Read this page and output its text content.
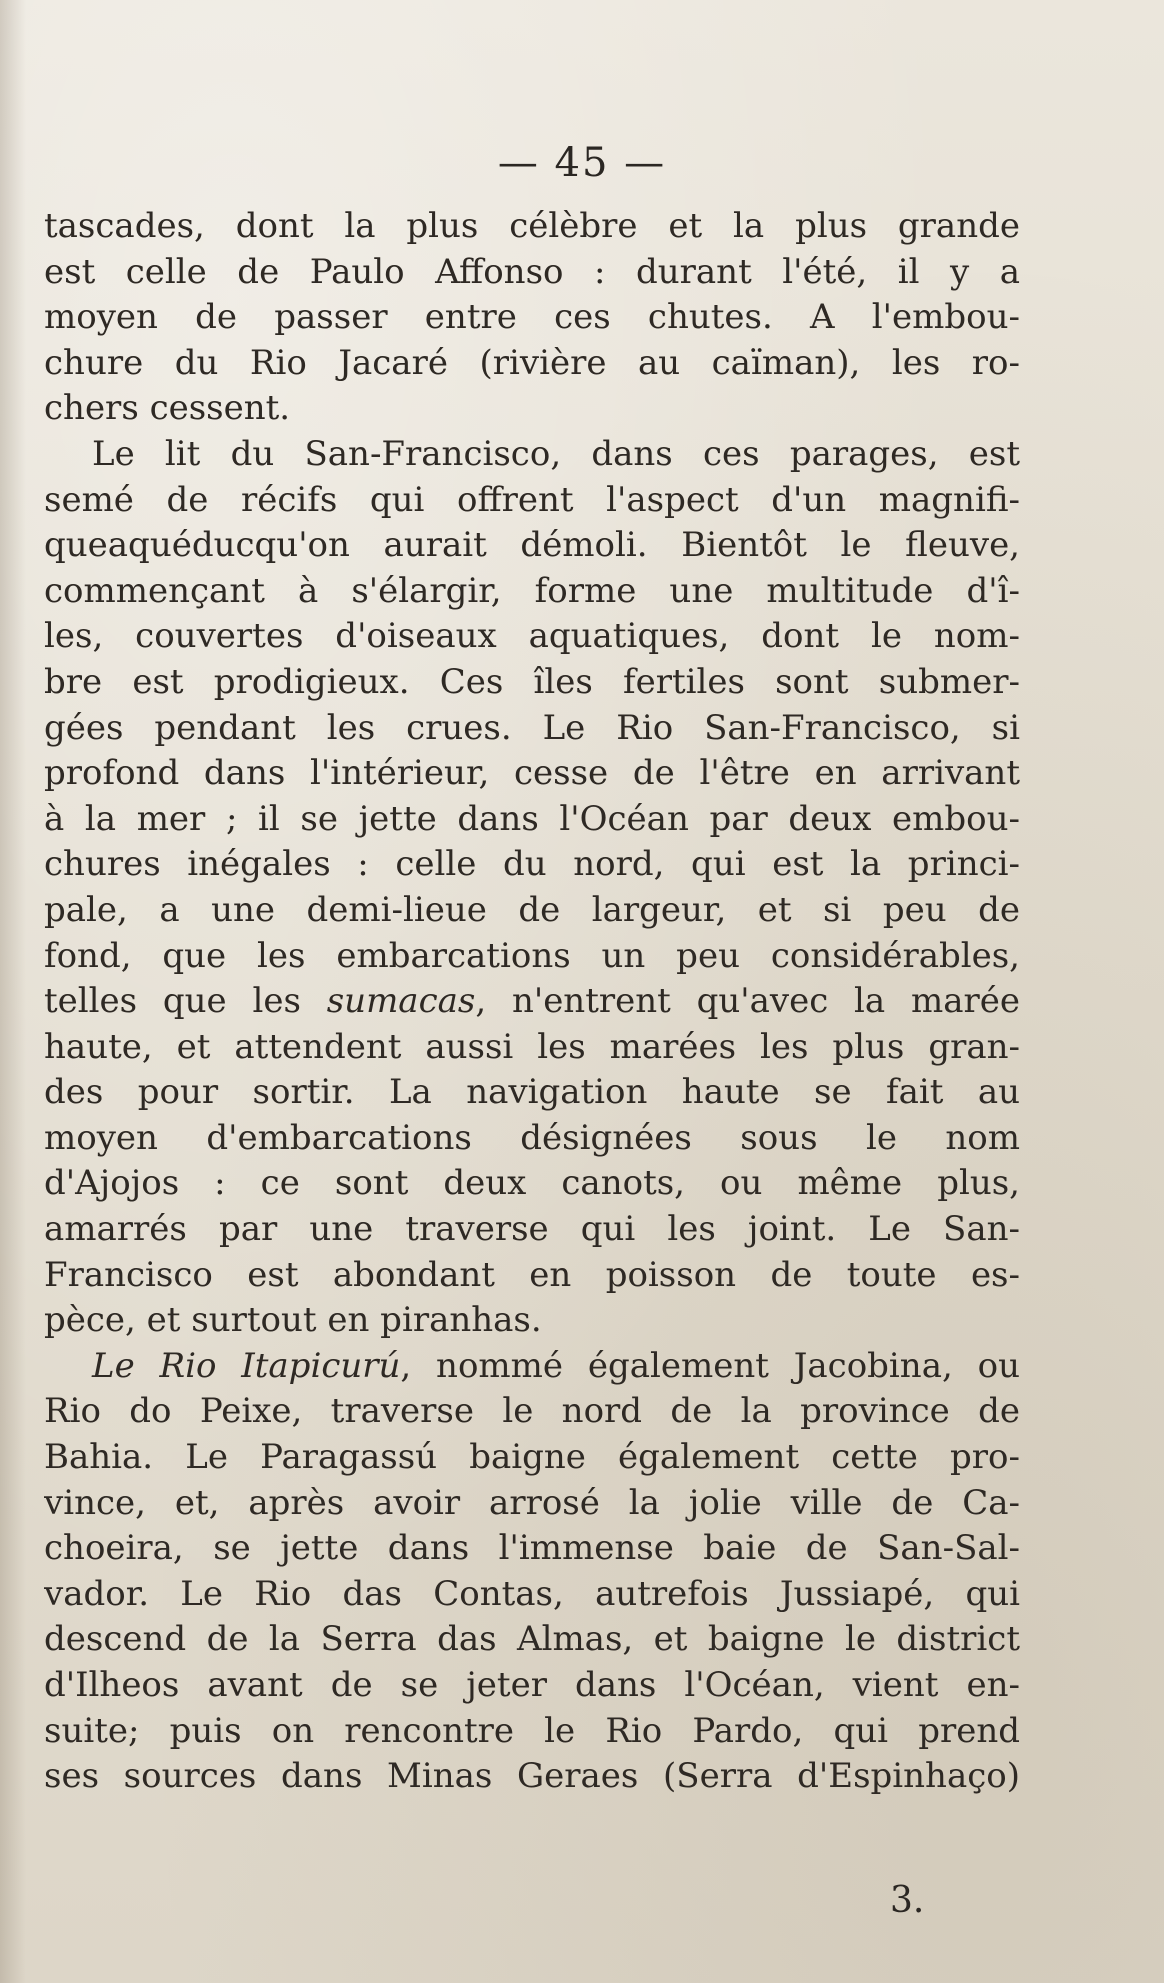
— 45 —
tascades, dont la plus célèbre et la plus grande
est celle de Paulo Affonso : durant l'été, il y a
moyen de passer entre ces chutes. A l'embou-
chure du Rio Jacaré (rivière au caïman), les ro-
chers cessent.
Le lit du San-Francisco, dans ces parages, est
semé de récifs qui offrent l'aspect d'un magnifi-
queaquéducqu'on aurait démoli. Bientôt le fleuve,
commençant à s'élargir, forme une multitude d'î-
les, couvertes d'oiseaux aquatiques, dont le nom-
bre est prodigieux. Ces îles fertiles sont submer-
gées pendant les crues. Le Rio San-Francisco, si
profond dans l'intérieur, cesse de l'être en arrivant
à la mer ; il se jette dans l'Océan par deux embou-
chures inégales : celle du nord, qui est la princi-
pale, a une demi-lieue de largeur, et si peu de
fond, que les embarcations un peu considérables,
telles que les sumacas, n'entrent qu'avec la marée
haute, et attendent aussi les marées les plus gran-
des pour sortir. La navigation haute se fait au
moyen d'embarcations désignées sous le nom
d'Ajojos : ce sont deux canots, ou même plus,
amarrés par une traverse qui les joint. Le San-
Francisco est abondant en poisson de toute es-
pèce, et surtout en piranhas.
Le Rio Itapicurú, nommé également Jacobina, ou
Rio do Peixe, traverse le nord de la province de
Bahia. Le Paragassú baigne également cette pro-
vince, et, après avoir arrosé la jolie ville de Ca-
choeira, se jette dans l'immense baie de San-Sal-
vador. Le Rio das Contas, autrefois Jussiapé, qui
descend de la Serra das Almas, et baigne le district
d'Ilheos avant de se jeter dans l'Océan, vient en-
suite; puis on rencontre le Rio Pardo, qui prend
ses sources dans Minas Geraes (Serra d'Espinhaço)
3.
